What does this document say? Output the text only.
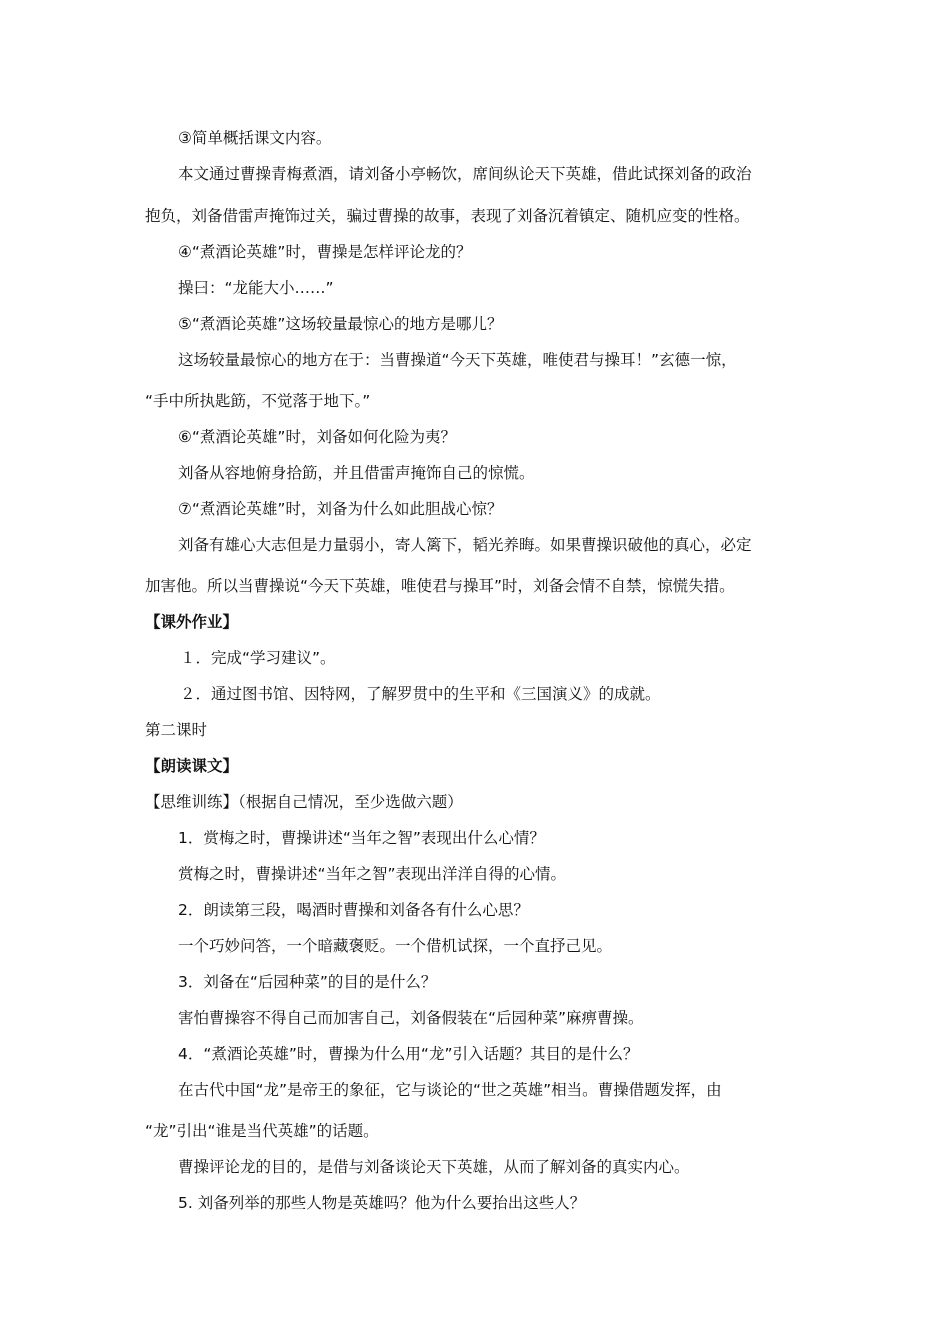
③简单概括课文内容。
本文通过曹操青梅煮酒，请刘备小亭畅饮，席间纵论天下英雄，借此试探刘备的政治
抱负，刘备借雷声掩饰过关，骗过曹操的故事，表现了刘备沉着镇定、随机应变的性格。
④“煮酒论英雄”时，曹操是怎样评论龙的？
操曰：“龙能大小……”
⑤“煮酒论英雄”这场较量最惊心的地方是哪儿？
这场较量最惊心的地方在于：当曹操道“今天下英雄，唯使君与操耳！”玄德一惊，
“手中所执匙筯，不觉落于地下。”
⑥“煮酒论英雄”时，刘备如何化险为夷？
刘备从容地俯身拾筯，并且借雷声掩饰自己的惊慌。
⑦“煮酒论英雄”时，刘备为什么如此胆战心惊？
刘备有雄心大志但是力量弱小，寄人篱下，韬光养晦。如果曹操识破他的真心，必定
加害他。所以当曹操说“今天下英雄，唯使君与操耳”时，刘备会情不自禁，惊慌失措。
【课外作业】
１．完成“学习建议”。
２．通过图书馆、因特网，了解罗贯中的生平和《三国演义》的成就。
第二课时
【朗读课文】
【思维训练】（根据自己情况，至少选做六题）
1．赏梅之时，曹操讲述“当年之智”表现出什么心情？
赏梅之时，曹操讲述“当年之智”表现出洋洋自得的心情。
2．朗读第三段，喝酒时曹操和刘备各有什么心思？
一个巧妙问答，一个暗藏褒贬。一个借机试探，一个直抒己见。
3．刘备在“后园种菜”的目的是什么？
害怕曹操容不得自己而加害自己，刘备假装在“后园种菜”麻痹曹操。
4．“煮酒论英雄”时，曹操为什么用“龙”引入话题？其目的是什么？
在古代中国“龙”是帝王的象征，它与谈论的“世之英雄”相当。曹操借题发挥，由
“龙”引出“谁是当代英雄”的话题。
曹操评论龙的目的，是借与刘备谈论天下英雄，从而了解刘备的真实内心。
5. 刘备列举的那些人物是英雄吗？他为什么要抬出这些人？
